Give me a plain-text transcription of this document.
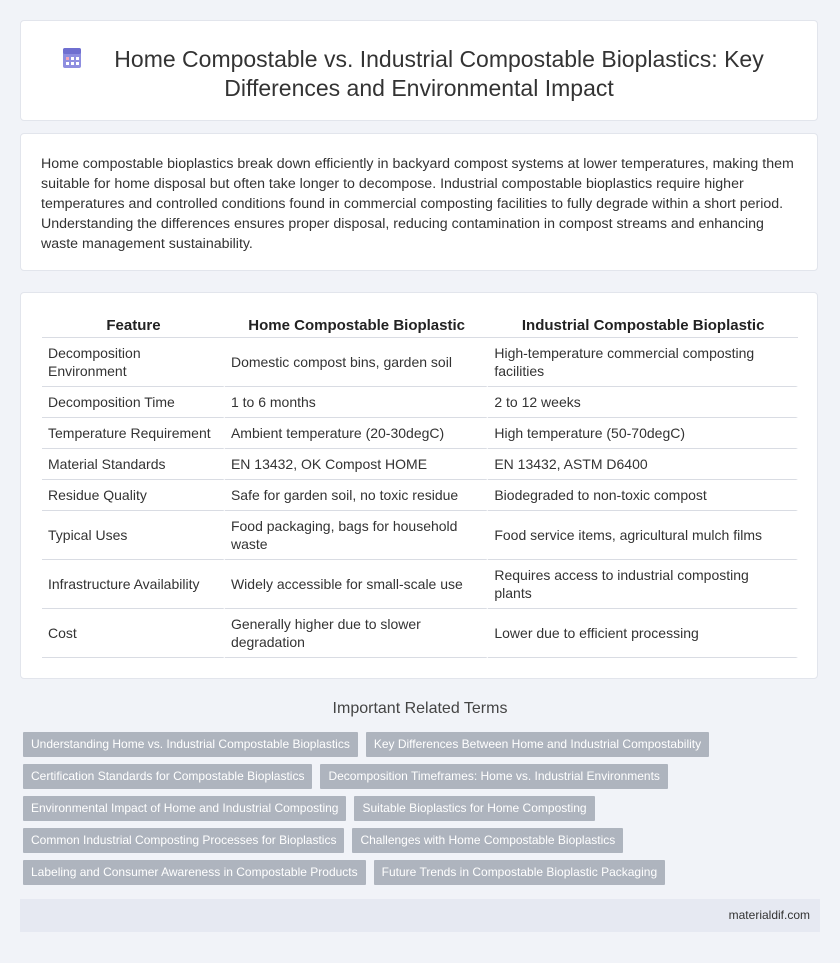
Home Compostable vs. Industrial Compostable Bioplastics: Key
Differences and Environmental Impact
Home compostable bioplastics break down efficiently in backyard compost systems at lower temperatures, making them suitable for home disposal but often take longer to decompose. Industrial compostable bioplastics require higher temperatures and controlled conditions found in commercial composting facilities to fully degrade within a short period. Understanding the differences ensures proper disposal, reducing contamination in compost streams and enhancing waste management sustainability.
Feature	Home Compostable Bioplastic	Industrial Compostable Bioplastic
Decomposition Environment	Domestic compost bins, garden soil	High-temperature commercial composting facilities
Decomposition Time	1 to 6 months	2 to 12 weeks
Temperature Requirement	Ambient temperature (20-30degC)	High temperature (50-70degC)
Material Standards	EN 13432, OK Compost HOME	EN 13432, ASTM D6400
Residue Quality	Safe for garden soil, no toxic residue	Biodegraded to non-toxic compost
Typical Uses	Food packaging, bags for household waste	Food service items, agricultural mulch films
Infrastructure Availability	Widely accessible for small-scale use	Requires access to industrial composting plants
Cost	Generally higher due to slower degradation	Lower due to efficient processing
Important Related Terms
Understanding Home vs. Industrial Compostable Bioplastics	Key Differences Between Home and Industrial Compostability
Certification Standards for Compostable Bioplastics	Decomposition Timeframes: Home vs. Industrial Environments
Environmental Impact of Home and Industrial Composting	Suitable Bioplastics for Home Composting
Common Industrial Composting Processes for Bioplastics	Challenges with Home Compostable Bioplastics
Labeling and Consumer Awareness in Compostable Products	Future Trends in Compostable Bioplastic Packaging
materialdif.com
